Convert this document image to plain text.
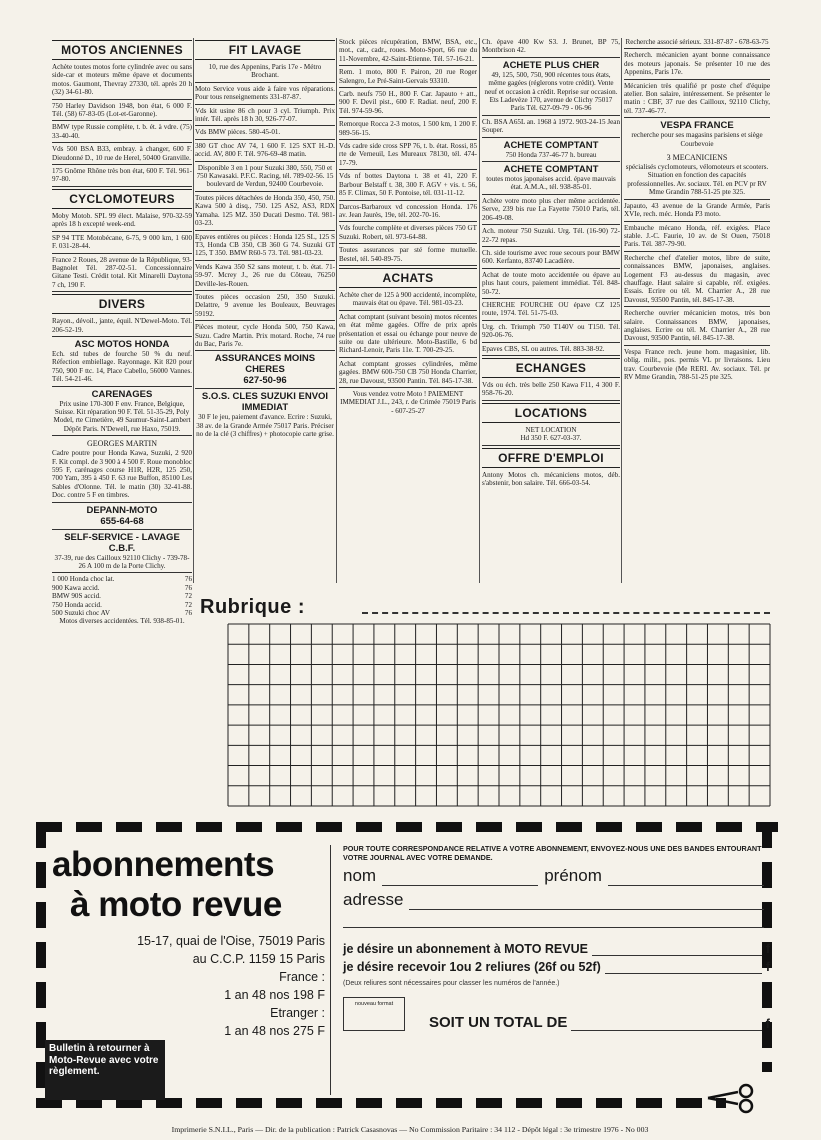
MOTOS ANCIENNES
Achète toutes motos forte cylindrée avec ou sans side-car et moteurs même épave et documents motos. Gaumont, Thevray 27330, tél. après 20 h (32) 34-61-80.
750 Harley Davidson 1948, bon état, 6 000 F. Tél. (58) 67-83-05 (Lot-et-Garonne).
BMW type Russie complète, t. b. ét. à vdre. (75) 33-40-40.
Vds 500 BSA B33, embray. à changer, 600 F. Dieudonné D., 10 rue de Herel, 50400 Granville.
175 Gnôme Rhône très bon état, 600 F. Tél. 961-97-80.
CYCLOMOTEURS
Moby Motob. SPL 99 élect. Malaise, 970-32-59 après 18 h excepté week-end.
SP 94 TTE Motobécane, 6-75, 9 000 km, 1 600 F. 031-28-44.
France 2 Roues, 28 avenue de la République, 93-Bagnolet Tél. 287-02-51. Concessionnaire Gitane Testi. Crédit total. Kit Minarelli Daytona 7 ch, 190 F.
DIVERS
Rayon., dévoil., jante, équil. N'Dewel-Moto. Tél. 206-52-19.
ASC MOTOS HONDA
Ech. std tubes de fourche 50 % du neuf. Réfection embiellage. Rayonnage. Kit 820 pour 750, 900 F ttc. 14, Place Cabello, 56000 Vannes. Tél. 54-21-46.
CARENAGES
Prix usine 170-300 F env. France, Belgique, Suisse. Kit réparation 90 F. Tél. 51-35-29, Poly Model, rte Cimetière, 49 Saumur-Saint-Lambert Dépôt Paris. N'Dewell, rue Haxo, 75019.
GEORGES MARTIN
Cadre poutre pour Honda Kawa, Suzuki, 2 920 F. Kit compl. de 3 900 à 4 500 F. Roue monobloc 595 F, carénages course H1R, H2R, 125 250, 700 Yam, 395 à 450 F. 63 rue Buffon, 85100 Les Sables d'Olonne. Tél. le matin (30) 32-41-88. Doc. contre 5 F en timbres.
DEPANN-MOTO
655-64-68
SELF-SERVICE - LAVAGE C.B.F.
37-39, rue des Cailloux 92110 Clichy - 739-78-26 A 100 m de la Porte Clichy.
1 000 Honda choc lat.	76
900 Kawa accid.	76
BMW 90S accid.	72
750 Honda accid.	72
500 Suzuki choc AV	76
Motos diverses accidentées. Tél. 938-85-01.
FIT LAVAGE
10, rue des Appenins, Paris 17e - Métro Brochant.
Moto Service vous aide à faire vos réparations. Pour tous renseignements 331-87-87.
Vds kit usine 86 ch pour 3 cyl. Triumph. Prix intér. Tél. après 18 h 30, 926-77-07.
Vds BMW pièces. 580-45-01.
380 GT choc AV 74, 1 600 F. 125 SXT H.-D. accid. AV, 800 F. Tél. 976-69-48 matin.
Disponible 3 en 1 pour Suzuki 380, 550, 750 et 750 Kawasaki. P.F.C. Racing, tél. 789-02-56. 15 boulevard de Verdun, 92400 Courbevoie.
Toutes pièces détachées de Honda 350, 450, 750. Kawa 500 à disq., 750. 125 AS2, AS3, RDX Yamaha. 125 MZ. 350 Ducati Desmo. Tél. 981-03-23.
Epaves entières ou pièces : Honda 125 SL, 125 S T3, Honda CB 350, CB 360 G 74. Suzuki GT 125, T 350. BMW R60-5 73. Tél. 981-03-23.
Vends Kawa 350 S2 sans moteur, t. b. état. 71-59-97. Mcrey J., 26 rue du Côteau, 76250 Deville-les-Rouen.
Toutes pièces occasion 250, 350 Suzuki. Delattre, 9 avenue les Bouleaux, Beuvrages 59192.
Pièces moteur, cycle Honda 500, 750 Kawa, Suzu. Cadre Martin. Prix motard. Roche, 74 rue du Bac, Paris 7e.
ASSURANCES MOINS CHERES
627-50-96
S.O.S. CLES SUZUKI ENVOI IMMEDIAT
30 F le jeu, paiement d'avance. Ecrire : Suzuki, 38 av. de la Grande Armée 75017 Paris. Préciser no de la clé (3 chiffres) + photocopie carte grise.
Stock pièces récupération, BMW, BSA, etc., mot., cat., cadr., roues. Moto-Sport, 66 rue du 11-Novembre, 42-Saint-Etienne. Tél. 57-16-21.
Rem. 1 moto, 800 F. Pairon, 20 rue Roger Salengro, Le Pré-Saint-Gervais 93310.
Carb. neufs 750 H., 800 F. Car. Japauto + att., 900 F. Devil pist., 600 F. Radiat. neuf, 200 F. Tél. 974-59-96.
Remorque Rocca 2-3 motos, 1 500 km, 1 200 F. 989-56-15.
Vds cadre side cross SPP 76, t. b. état. Rossi, 85 rte de Verneuil, Les Mureaux 78130, tél. 474-17-79.
Vds nf bottes Daytona t. 38 et 41, 220 F. Barbour Belstaff t. 38, 300 F. AGV + vis. t. 56, 85 F. Climax, 50 F. Pontoise, tél. 031-11-12.
Darcos-Barbaroux vd concession Honda. 176 av. Jean Jaurès, 19e, tél. 202-70-16.
Vds fourche complète et diverses pièces 750 GT Suzuki. Robert, tél. 973-64-88.
Toutes assurances par sté forme mutuelle. Bestel, tél. 540-89-75.
ACHATS
Achète cher de 125 à 900 accidenté, incomplète, mauvais état ou épave. Tél. 981-03-23.
Achat comptant (suivant besoin) motos récentes en état même gagées. Offre de prix après présentation et essai ou échange pour neuve de suite ou date ultérieure. Moto-Bastille, 6 bd Richard-Lenoir, Paris 11e. T. 700-29-25.
Achat comptant grosses cylindrées, même gagées. BMW 600-750 CB 750 Honda Charrier, 28, rue Davoust, 93500 Pantin. Tél. 845-17-38.
Vous vendez votre Moto ! PAIEMENT IMMEDIAT J.L., 243, r. de Crimée 75019 Paris - 607-25-27
Ch. épave 400 Kw S3. J. Brunet, BP 75, Montbrison 42.
ACHETE PLUS CHER
49, 125, 500, 750, 900 récentes tous états, même gagées (réglerons votre crédit). Vente neuf et occasion à crédit. Reprise sur occasion. Ets Ladevèze 170, avenue de Clichy 75017 Paris Tél. 627-09-79 - 06-96
Ch. BSA A65L an. 1968 à 1972. 903-24-15 Jean Souper.
ACHETE COMPTANT
750 Honda 737-46-77 h. bureau
ACHETE COMPTANT
toutes motos japonaises accid. épave mauvais état. A.M.A., tél. 938-85-01.
Achète votre moto plus cher même accidentée. Serve, 239 bis rue La Fayette 75010 Paris, tél. 206-49-08.
Ach. moteur 750 Suzuki. Urg. Tél. (16-90) 72-22-72 repas.
Ch. side tourisme avec roue secours pour BMW 600. Kerfanto, 83740 Lacadière.
Achat de toute moto accidentée ou épave au plus haut cours, paiement immédiat. Tél. 848-50-72.
CHERCHE FOURCHE OU épave CZ 125 route, 1974. Tél. 51-75-03.
Urg. ch. Triumph 750 T140V ou T150. Tél. 920-06-76.
Epaves CBS, SL ou autres. Tél. 883-38-92.
ECHANGES
Vds ou éch. très belle 250 Kawa F11, 4 300 F. 958-76-20.
LOCATIONS
NET LOCATION
Hd 350 F. 627-03-37.
OFFRE D'EMPLOI
Antony Motos ch. mécaniciens motos, déb. s'abstenir, bon salaire. Tél. 666-03-54.
Recherche associé sérieux. 331-87-87 - 678-63-75
Recherch. mécanicien ayant bonne connaissance des moteurs japonais. Se présenter 10 rue des Appenins, Paris 17e.
Mécanicien très qualifié pr poste chef d'équipe atelier. Bon salaire, intéressement. Se présenter le matin : CBF, 37 rue des Cailloux, 92110 Clichy, tél. 737-46-77.
VESPA FRANCE
recherche pour ses magasins parisiens et siège Courbevoie
3 MECANICIENS
spécialisés cyclomoteurs, vélomoteurs et scooters. Situation en fonction des capacités professionnelles. Av. sociaux. Tél. en PCV pr RV Mme Grandin 788-51-25 pte 325.
Japauto, 43 avenue de la Grande Armée, Paris XVIe, rech. méc. Honda P3 moto.
Embauche mécano Honda, réf. exigées. Place stable. J.-C. Faurie, 10 av. de St Ouen, 75018 Paris. Tél. 387-79-90.
Recherche chef d'atelier motos, libre de suite, connaissances BMW, japonaises, anglaises. Logement F3 au-dessus du magasin, avec chauffage. Haut salaire si capable, réf. exigées. Essais. Ecrire ou tél. M. Charrier A., 28 rue Davoust, 93500 Pantin, tél. 845-17-38.
Recherche ouvrier mécanicien motos, très bon salaire. Connaissances BMW, japonaises, anglaises. Ecrire ou tél. M. Charrier A., 28 rue Davoust, 93500 Pantin, tél. 845-17-38.
Vespa France rech. jeune hom. magasinier, lib. oblig. milit., pos. permis VL pr livraisons. Lieu trav. Courbevoie (Me RERI. Av. sociaux. Tél. pr RV Mme Grandin, 788-51-25 pte 325.
Rubrique :
abonnements
à moto revue
15-17, quai de l'Oise, 75019 Paris
au C.C.P. 1159 15 Paris
France :
1 an 48 nos 198 F
Etranger :
1 an 48 nos 275 F
Bulletin à retourner à Moto-Revue avec votre règlement.
POUR TOUTE CORRESPONDANCE RELATIVE A VOTRE ABONNEMENT, ENVOYEZ-NOUS UNE DES BANDES ENTOURANT VOTRE JOURNAL AVEC VOTRE DEMANDE.
nom	prénom
adresse
je désire un abonnement à MOTO REVUE	f
je désire recevoir 1ou 2 reliures (26f ou 52f)	f
(Deux reliures sont nécessaires pour classer les numéros de l'année.)
nouveau format
SOIT UN TOTAL DE	f
Imprimerie S.N.I.L., Paris — Dir. de la publication : Patrick Casasnovas — No Commission Paritaire : 34 112 - Dépôt légal : 3e trimestre 1976 - No 003
